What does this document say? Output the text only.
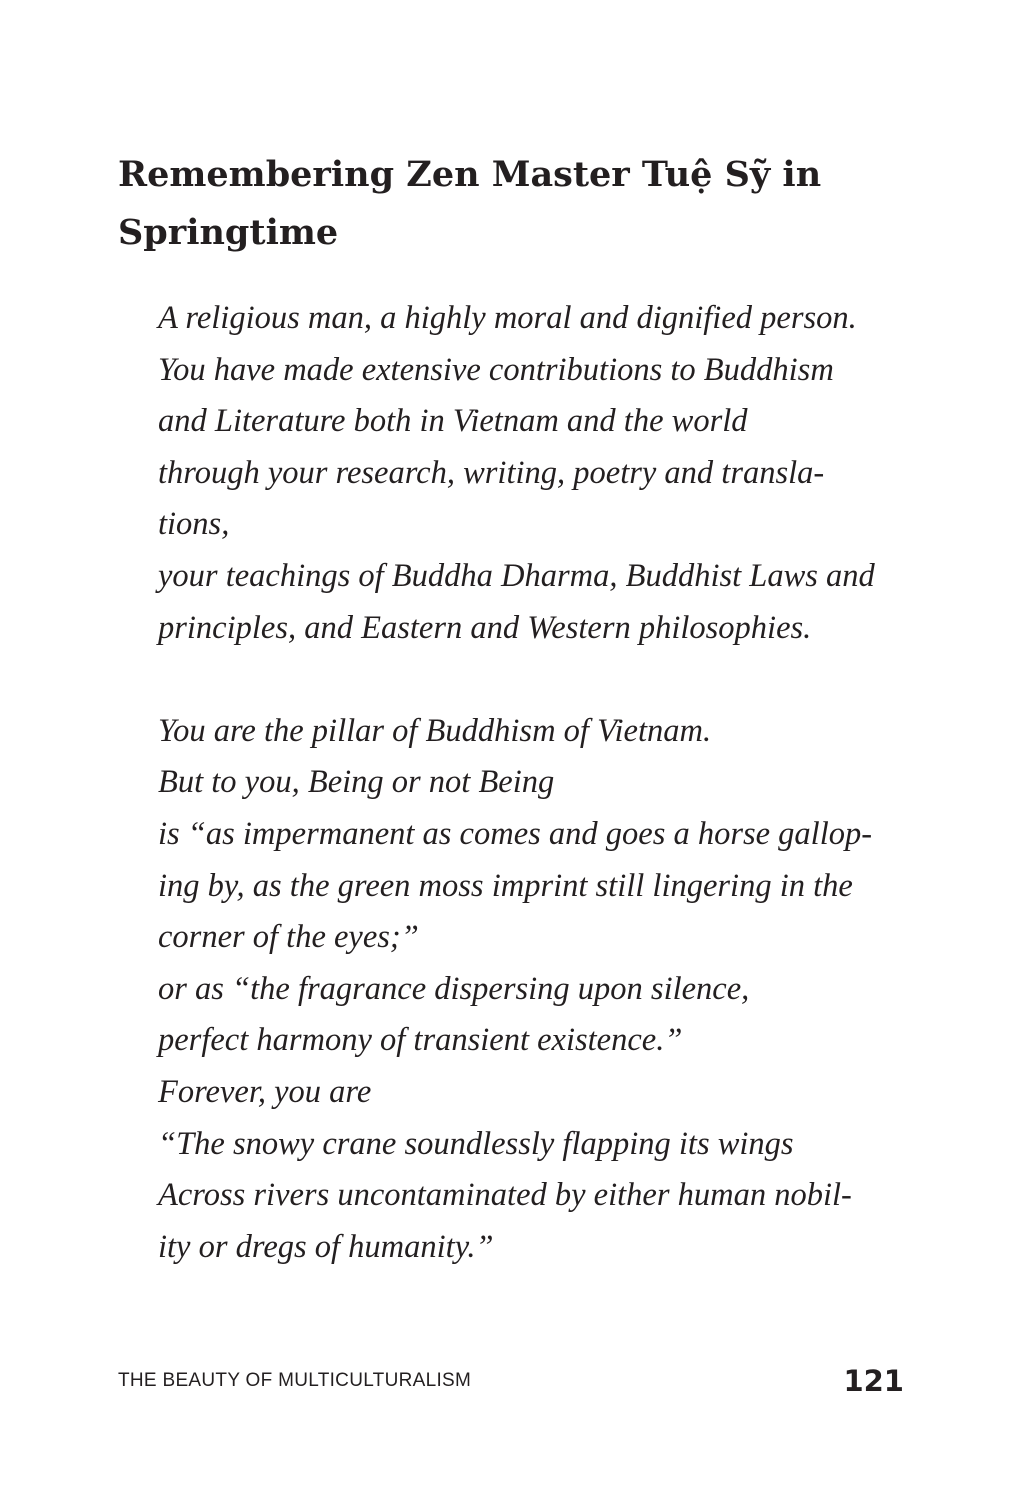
Remembering Zen Master Tuệ Sỹ in
Springtime
A religious man, a highly moral and dignified person.
You have made extensive contributions to Buddhism
and Literature both in Vietnam and the world
through your research, writing, poetry and transla-
tions,
your teachings of Buddha Dharma, Buddhist Laws and
principles, and Eastern and Western philosophies.
You are the pillar of Buddhism of Vietnam.
But to you, Being or not Being
is “as impermanent as comes and goes a horse gallop-
ing by, as the green moss imprint still lingering in the
corner of the eyes;”
or as “the fragrance dispersing upon silence,
perfect harmony of transient existence.”
Forever, you are
“The snowy crane soundlessly flapping its wings
Across rivers uncontaminated by either human nobil-
ity or dregs of humanity.”
THE BEAUTY OF MULTICULTURALISM	121
